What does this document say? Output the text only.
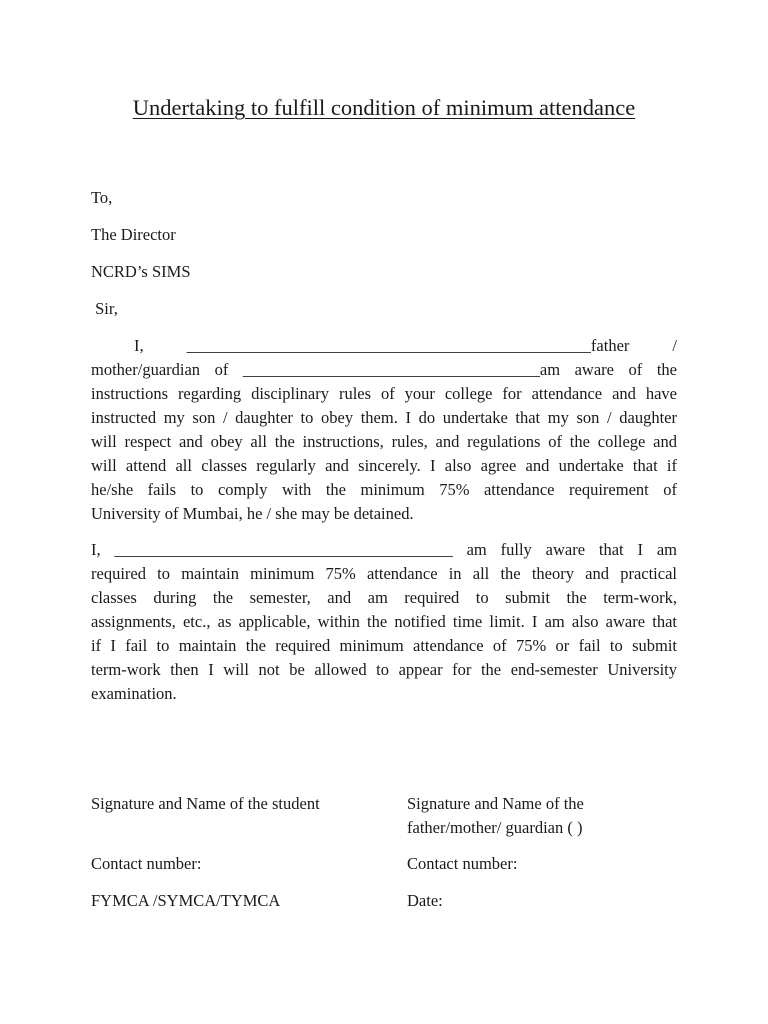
Undertaking to fulfill condition of minimum attendance
To,
The Director
NCRD’s SIMS
Sir,
I,  _________________________________________________father  /
mother/guardian of ____________________________________am aware of the
instructions regarding disciplinary rules of your college for attendance and have
instructed my son / daughter to obey them. I do undertake that my son / daughter
will respect and obey all the instructions, rules, and regulations of the college and
will attend all classes regularly and sincerely. I also agree and undertake that if
he/she fails to comply with the minimum 75% attendance requirement of
University of Mumbai, he / she may be detained.
I, _________________________________________ am fully aware that I am
required to maintain minimum 75% attendance in all the theory and practical
classes during the semester, and am required to submit the term-work,
assignments, etc., as applicable, within the notified time limit. I am also aware that
if I fail to maintain the required minimum attendance of 75% or fail to submit
term-work then I will not be allowed to appear for the end-semester University
examination.
Signature and Name of the student	Signature and Name of the
father/mother/ guardian ( )
Contact number:	Contact number:
FYMCA /SYMCA/TYMCA	Date:
